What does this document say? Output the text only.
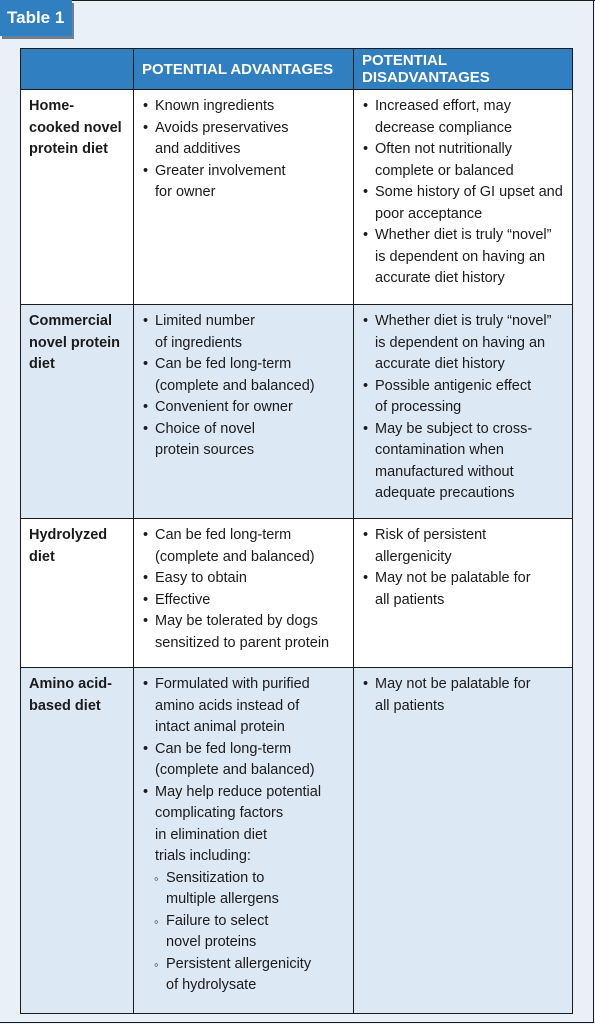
Table 1
POTENTIAL ADVANTAGES	POTENTIAL DISADVANTAGES
Home-
cooked novel
protein diet
• Known ingredients
• Avoids preservatives
and additives
• Greater involvement
for owner
• Increased effort, may
decrease compliance
• Often not nutritionally
complete or balanced
• Some history of GI upset and
poor acceptance
• Whether diet is truly “novel”
is dependent on having an
accurate diet history
Commercial
novel protein
diet
• Limited number
of ingredients
• Can be fed long-term
(complete and balanced)
• Convenient for owner
• Choice of novel
protein sources
• Whether diet is truly “novel”
is dependent on having an
accurate diet history
• Possible antigenic effect
of processing
• May be subject to cross-
contamination when
manufactured without
adequate precautions
Hydrolyzed
diet
• Can be fed long-term
(complete and balanced)
• Easy to obtain
• Effective
• May be tolerated by dogs
sensitized to parent protein
• Risk of persistent
allergenicity
• May not be palatable for
all patients
Amino acid-
based diet
• Formulated with purified
amino acids instead of
intact animal protein
• Can be fed long-term
(complete and balanced)
• May help reduce potential
complicating factors
in elimination diet
trials including:
◦ Sensitization to
multiple allergens
◦ Failure to select
novel proteins
◦ Persistent allergenicity
of hydrolysate
• May not be palatable for
all patients
